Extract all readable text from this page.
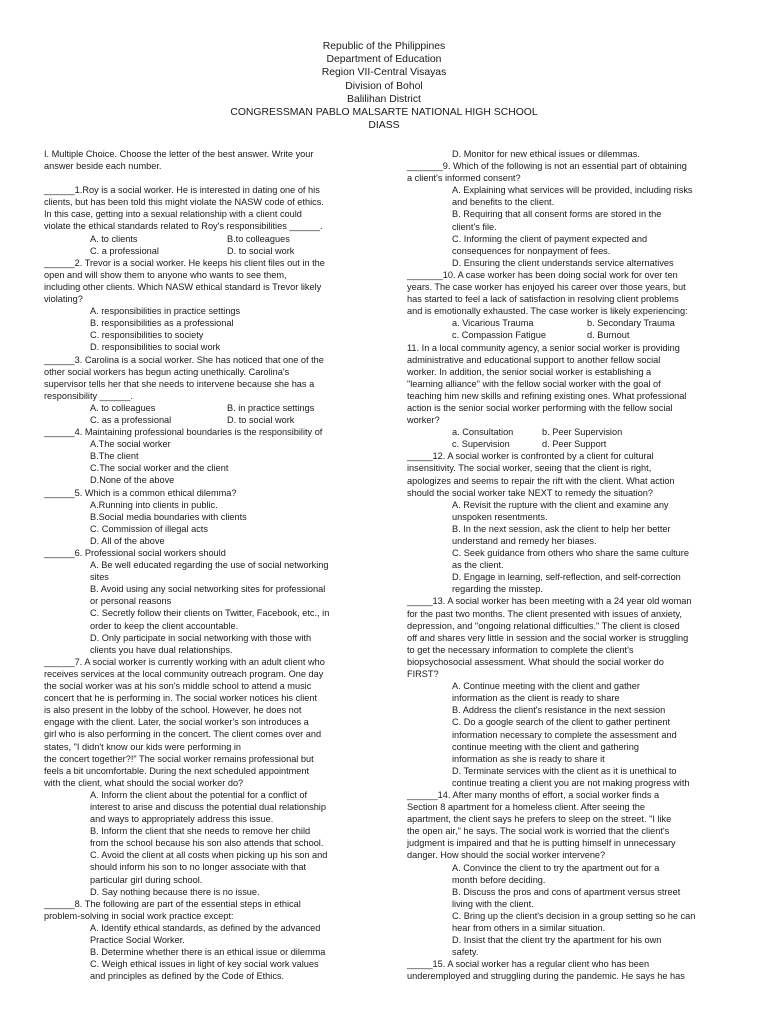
Republic of the Philippines
Department of Education
Region VII-Central Visayas
Division of Bohol
Balilihan District
CONGRESSMAN PABLO MALSARTE NATIONAL HIGH SCHOOL
DIASS

I. Multiple Choice. Choose the letter of the best answer. Write your

answer beside each number.

______1.Roy is a social worker. He is interested in dating one of his

clients, but has been told this might violate the NASW code of ethics.

In this case, getting into a sexual relationship with a client could

violate the ethical standards related to Roy's responsibilities ______.

A. to clients	B.to colleagues
C. a professional	D. to social work

______2. Trevor is a social worker. He keeps his client files out in the

open and will show them to anyone who wants to see them,

including other clients. Which NASW ethical standard is Trevor likely

violating?

A. responsibilities in practice settings

B. responsibilities as a professional

C. responsibilities to society

D. responsibilities to social work

______3. Carolina is a social worker. She has noticed that one of the

other social workers has begun acting unethically. Carolina's

supervisor tells her that she needs to intervene because she has a

responsibility ______.

A. to colleagues	B. in practice settings
C. as a professional	D. to social work

______4. Maintaining professional boundaries is the responsibility of

A.The social worker

B.The client

C.The social worker and the client

D.None of the above

______5. Which is a common ethical dilemma?

A.Running into clients in public.

B.Social media boundaries with clients

C. Commission of illegal acts

D. All of the above

______6. Professional social workers should

A. Be well educated regarding the use of social networking

sites

B. Avoid using any social networking sites for professional

or personal reasons

C. Secretly follow their clients on Twitter, Facebook, etc., in

order to keep the client accountable.

D. Only participate in social networking with those with

clients you have dual relationships.

______7. A social worker is currently working with an adult client who

receives services at the local community outreach program. One day

the social worker was at his son's middle school to attend a music

concert that he is performing in. The social worker notices his client

is also present in the lobby of the school. However, he does not

engage with the client. Later, the social worker's son introduces a

girl who is also performing in the concert. The client comes over and

states, "I didn't know our kids were performing in

the concert together?!" The social worker remains professional but

feels a bit uncomfortable. During the next scheduled appointment

with the client, what should the social worker do?

A. Inform the client about the potential for a conflict of

interest to arise and discuss the potential dual relationship

and ways to appropriately address this issue.

B. Inform the client that she needs to remove her child

from the school because his son also attends that school.

C. Avoid the client at all costs when picking up his son and

should inform his son to no longer associate with that

particular girl during school.

D. Say nothing because there is no issue.

______8. The following are part of the essential steps in ethical

problem-solving in social work practice except:

A. Identify ethical standards, as defined by the advanced

Practice Social Worker.

B. Determine whether there is an ethical issue or dilemma

C. Weigh ethical issues in light of key social work values

and principles as defined by the Code of Ethics.

D. Monitor for new ethical issues or dilemmas.

_______9. Which of the following is not an essential part of obtaining

a client's informed consent?

A. Explaining what services will be provided, including risks

and benefits to the client.

B. Requiring that all consent forms are stored in the

client's file.

C. Informing the client of payment expected and

consequences for nonpayment of fees.

D. Ensuring the client understands service alternatives

_______10. A case worker has been doing social work for over ten

years. The case worker has enjoyed his career over those years, but

has started to feel a lack of satisfaction in resolving client problems

and is emotionally exhausted. The case worker is likely experiencing:

a. Vicarious Trauma	b. Secondary Trauma
c. Compassion Fatigue	d. Burnout

11. In a local community agency, a senior social worker is providing

administrative and educational support to another fellow social

worker. In addition, the senior social worker is establishing a

"learning alliance" with the fellow social worker with the goal of

teaching him new skills and refining existing ones. What professional

action is the senior social worker performing with the fellow social

worker?

a. Consultation	b. Peer Supervision
c. Supervision	d. Peer Support

_____12. A social worker is confronted by a client for cultural

insensitivity. The social worker, seeing that the client is right,

apologizes and seems to repair the rift with the client. What action

should the social worker take NEXT to remedy the situation?

A. Revisit the rupture with the client and examine any

unspoken resentments.

B. In the next session, ask the client to help her better

understand and remedy her biases.

C. Seek guidance from others who share the same culture

as the client.

D. Engage in learning, self-reflection, and self-correction

regarding the misstep.

_____13. A social worker has been meeting with a 24 year old woman

for the past two months. The client presented with issues of anxiety,

depression, and "ongoing relational difficulties." The client is closed

off and shares very little in session and the social worker is struggling

to get the necessary information to complete the client's

biopsychosocial assessment. What should the social worker do

FIRST?

A. Continue meeting with the client and gather

information as the client is ready to share

B. Address the client's resistance in the next session

C. Do a google search of the client to gather pertinent

information necessary to complete the assessment and

continue meeting with the client and gathering

information as she is ready to share it

D. Terminate services with the client as it is unethical to

continue treating a client you are not making progress with

______14. After many months of effort, a social worker finds a

Section 8 apartment for a homeless client. After seeing the

apartment, the client says he prefers to sleep on the street. "I like

the open air," he says. The social work is worried that the client's

judgment is impaired and that he is putting himself in unnecessary

danger. How should the social worker intervene?

A. Convince the client to try the apartment out for a

month before deciding.

B. Discuss the pros and cons of apartment versus street

living with the client.

C. Bring up the client's decision in a group setting so he can

hear from others in a similar situation.

D. Insist that the client try the apartment for his own

safety.

_____15. A social worker has a regular client who has been

underemployed and struggling during the pandemic. He says he has
